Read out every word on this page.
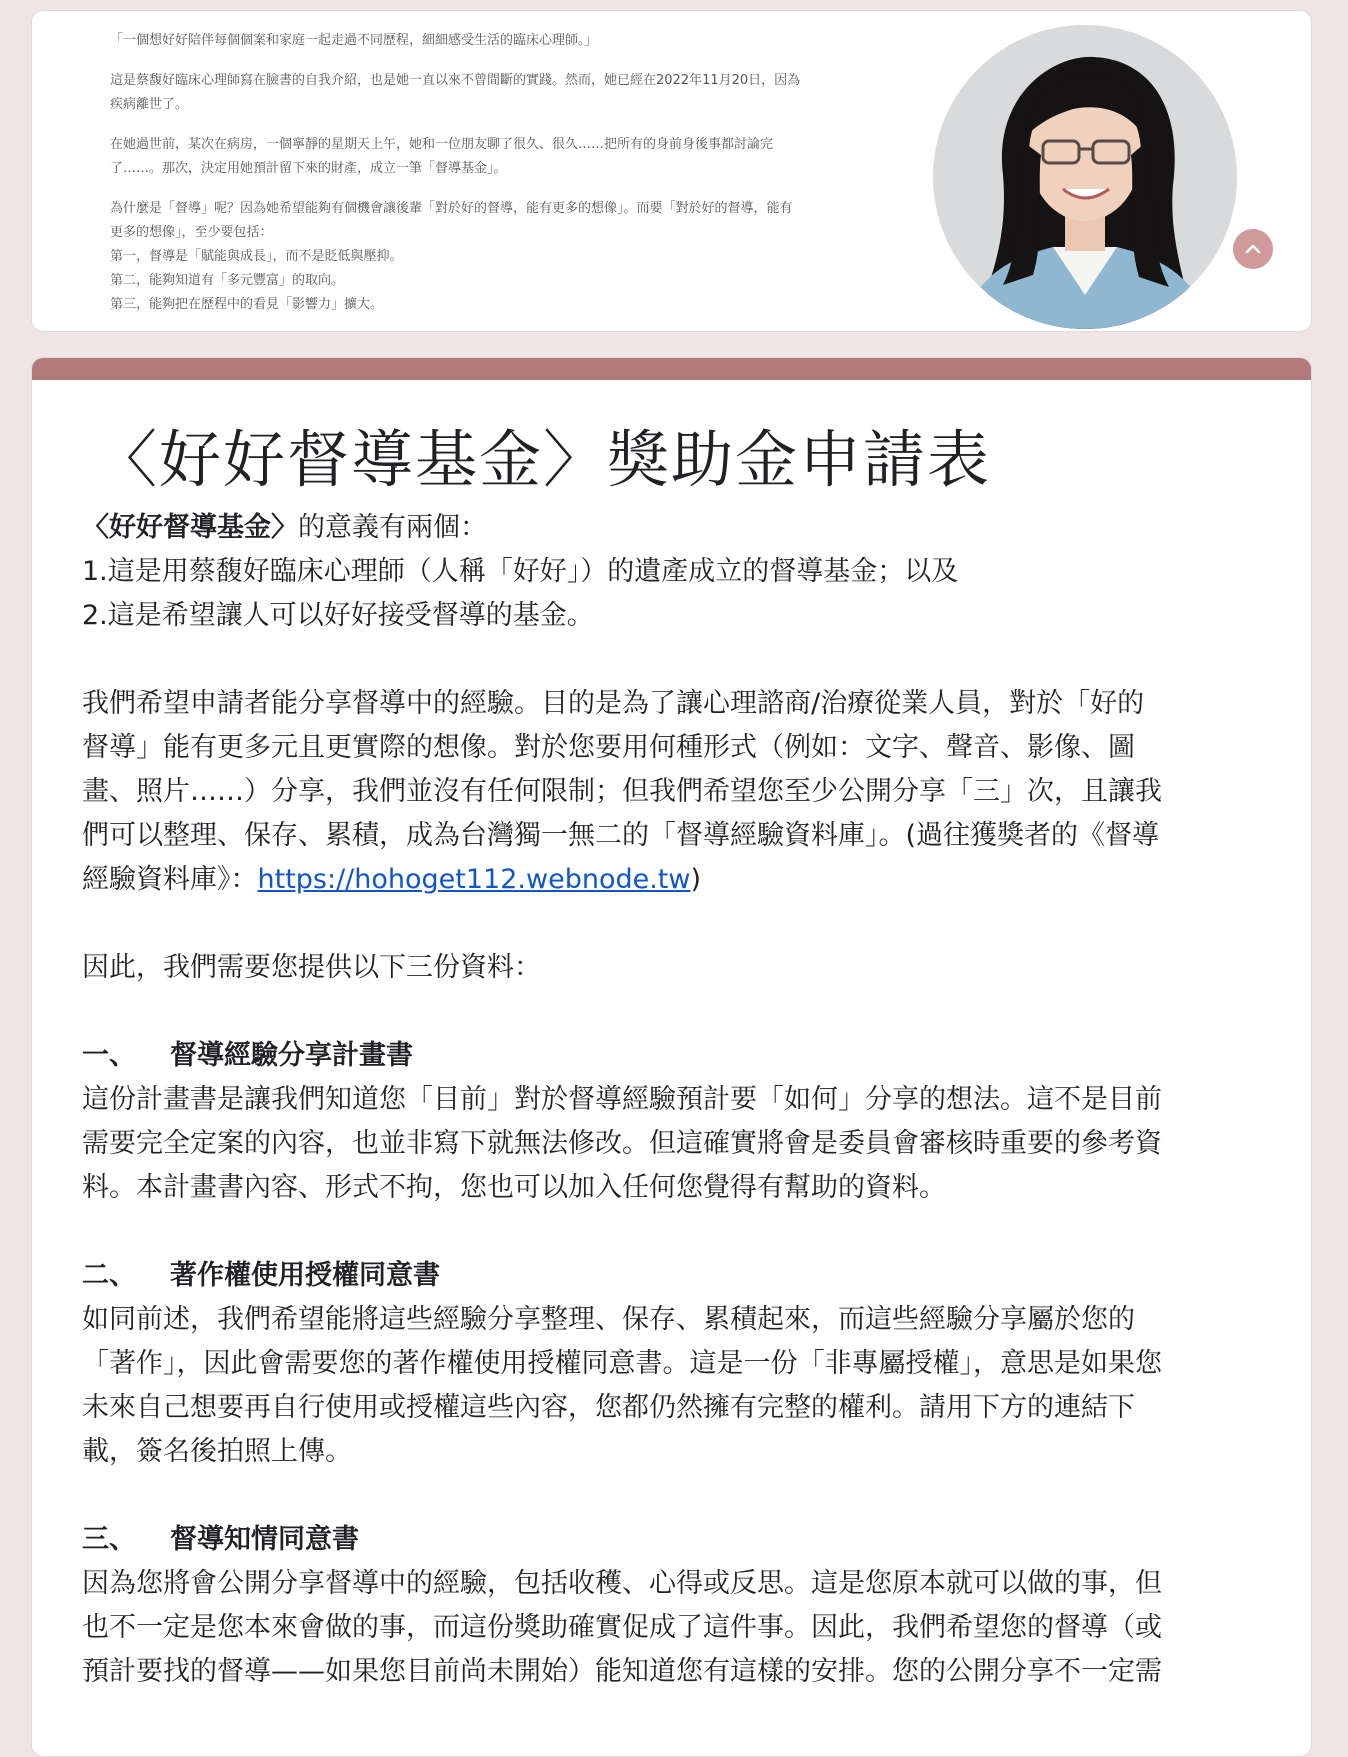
「一個想好好陪伴每個個案和家庭一起走過不同歷程，細細感受生活的臨床心理師。」

這是蔡馥好臨床心理師寫在臉書的自我介紹，也是她一直以來不曾間斷的實踐。然而，她已經在2022年11月20日，因為
疾病離世了。

在她過世前，某次在病房，一個寧靜的星期天上午，她和一位朋友聊了很久、很久……把所有的身前身後事都討論完
了……。那次，決定用她預計留下來的財產，成立一筆「督導基金」。

為什麼是「督導」呢？因為她希望能夠有個機會讓後輩「對於好的督導，能有更多的想像」。而要「對於好的督導，能有
更多的想像」，至少要包括：
第一，督導是「賦能與成長」，而不是貶低與壓抑。
第二，能夠知道有「多元豐富」的取向。
第三，能夠把在歷程中的看見「影響力」擴大。

〈好好督導基金〉獎助金申請表

〈好好督導基金〉的意義有兩個：

1.這是用蔡馥好臨床心理師（人稱「好好」）的遺產成立的督導基金；以及

2.這是希望讓人可以好好接受督導的基金。

我們希望申請者能分享督導中的經驗。目的是為了讓心理諮商/治療從業人員，對於「好的

督導」能有更多元且更實際的想像。對於您要用何種形式（例如：文字、聲音、影像、圖

畫、照片……）分享，我們並沒有任何限制；但我們希望您至少公開分享「三」次，且讓我

們可以整理、保存、累積，成為台灣獨一無二的「督導經驗資料庫」。(過往獲獎者的《督導

經驗資料庫》：https://hohoget112.webnode.tw)

因此，我們需要您提供以下三份資料：

一、 督導經驗分享計畫書

這份計畫書是讓我們知道您「目前」對於督導經驗預計要「如何」分享的想法。這不是目前

需要完全定案的內容，也並非寫下就無法修改。但這確實將會是委員會審核時重要的參考資

料。本計畫書內容、形式不拘，您也可以加入任何您覺得有幫助的資料。

二、 著作權使用授權同意書

如同前述，我們希望能將這些經驗分享整理、保存、累積起來，而這些經驗分享屬於您的

「著作」，因此會需要您的著作權使用授權同意書。這是一份「非專屬授權」，意思是如果您

未來自己想要再自行使用或授權這些內容，您都仍然擁有完整的權利。請用下方的連結下

載，簽名後拍照上傳。

三、 督導知情同意書

因為您將會公開分享督導中的經驗，包括收穫、心得或反思。這是您原本就可以做的事，但

也不一定是您本來會做的事，而這份獎助確實促成了這件事。因此，我們希望您的督導（或

預計要找的督導——如果您目前尚未開始）能知道您有這樣的安排。您的公開分享不一定需
